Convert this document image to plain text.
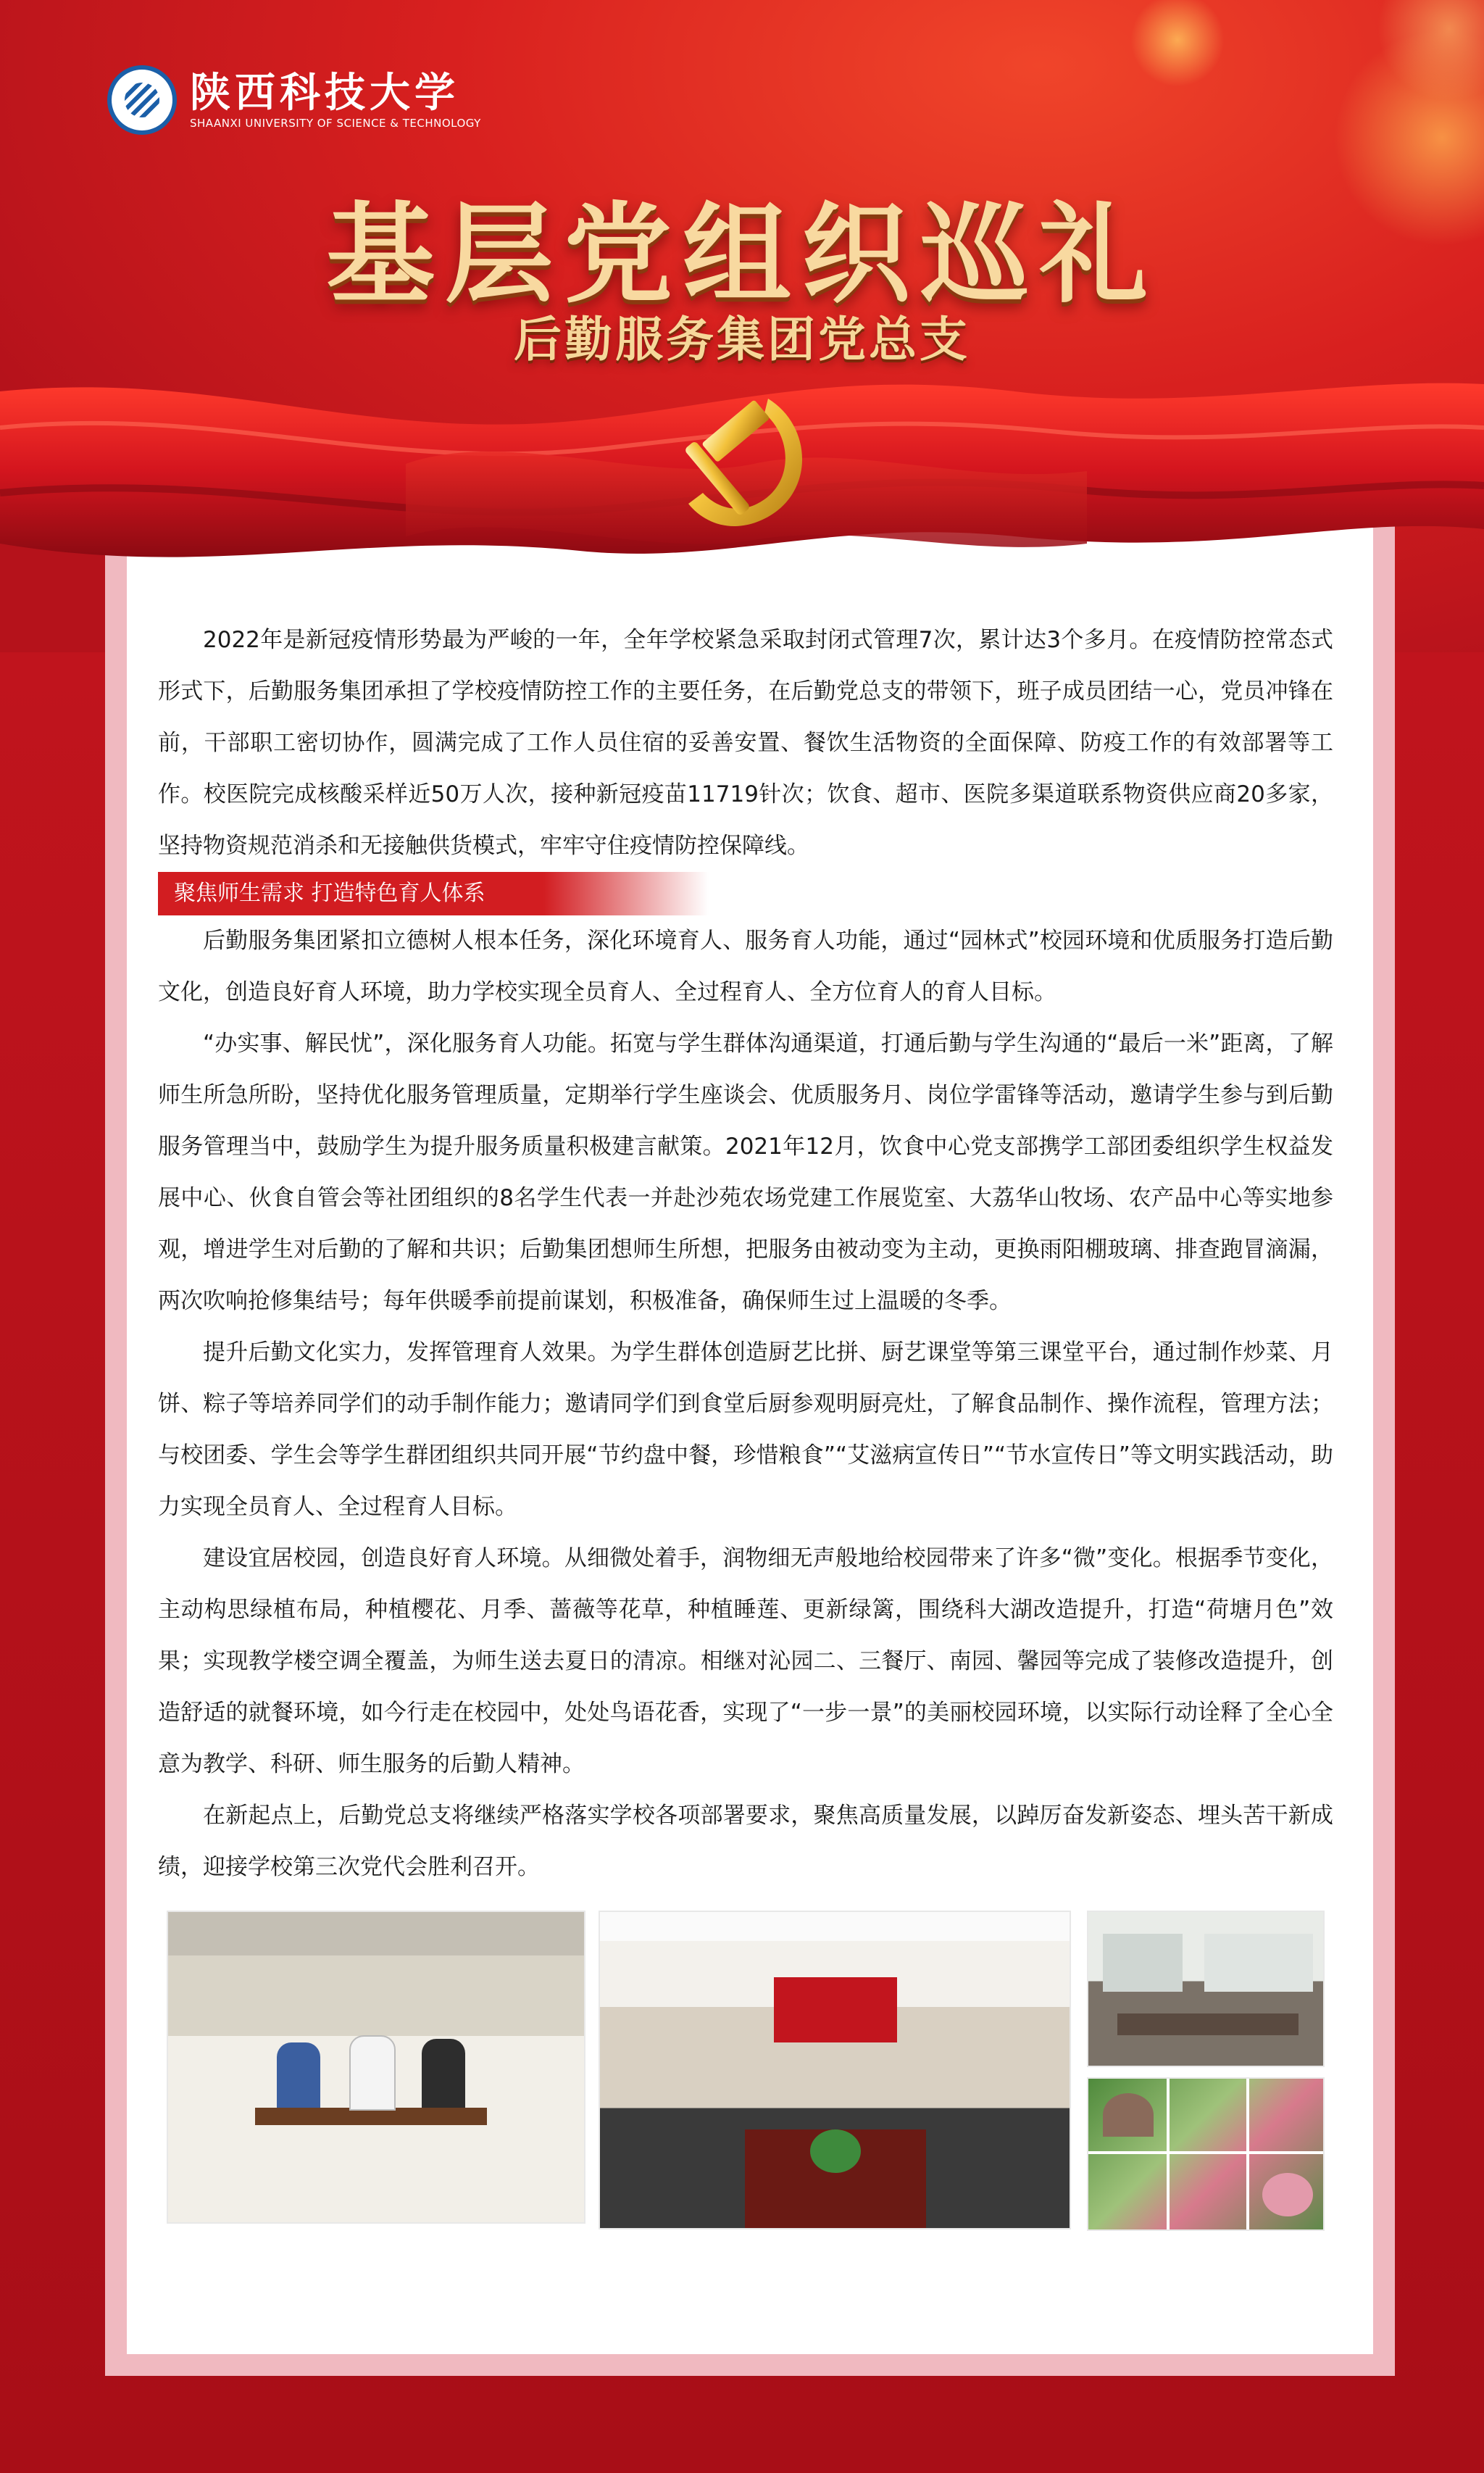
陕西科技大学
SHAANXI UNIVERSITY OF SCIENCE & TECHNOLOGY
基层党组织巡礼
后勤服务集团党总支

2022年是新冠疫情形势最为严峻的一年，全年学校紧急采取封闭式管理7次，累计达3个多月。在疫情防控常态式形式下，后勤服务集团承担了学校疫情防控工作的主要任务，在后勤党总支的带领下，班子成员团结一心，党员冲锋在前，干部职工密切协作，圆满完成了工作人员住宿的妥善安置、餐饮生活物资的全面保障、防疫工作的有效部署等工作。校医院完成核酸采样近50万人次，接种新冠疫苗11719针次；饮食、超市、医院多渠道联系物资供应商20多家，坚持物资规范消杀和无接触供货模式，牢牢守住疫情防控保障线。

聚焦师生需求 打造特色育人体系

后勤服务集团紧扣立德树人根本任务，深化环境育人、服务育人功能，通过“园林式”校园环境和优质服务打造后勤文化，创造良好育人环境，助力学校实现全员育人、全过程育人、全方位育人的育人目标。

“办实事、解民忧”，深化服务育人功能。拓宽与学生群体沟通渠道，打通后勤与学生沟通的“最后一米”距离，了解师生所急所盼，坚持优化服务管理质量，定期举行学生座谈会、优质服务月、岗位学雷锋等活动，邀请学生参与到后勤服务管理当中，鼓励学生为提升服务质量积极建言献策。2021年12月，饮食中心党支部携学工部团委组织学生权益发展中心、伙食自管会等社团组织的8名学生代表一并赴沙苑农场党建工作展览室、大荔华山牧场、农产品中心等实地参观，增进学生对后勤的了解和共识；后勤集团想师生所想，把服务由被动变为主动，更换雨阳棚玻璃、排查跑冒滴漏，两次吹响抢修集结号；每年供暖季前提前谋划，积极准备，确保师生过上温暖的冬季。

提升后勤文化实力，发挥管理育人效果。为学生群体创造厨艺比拼、厨艺课堂等第三课堂平台，通过制作炒菜、月饼、粽子等培养同学们的动手制作能力；邀请同学们到食堂后厨参观明厨亮灶，了解食品制作、操作流程，管理方法；与校团委、学生会等学生群团组织共同开展“节约盘中餐，珍惜粮食”“艾滋病宣传日”“节水宣传日”等文明实践活动，助力实现全员育人、全过程育人目标。

建设宜居校园，创造良好育人环境。从细微处着手，润物细无声般地给校园带来了许多“微”变化。根据季节变化，主动构思绿植布局，种植樱花、月季、蔷薇等花草，种植睡莲、更新绿篱，围绕科大湖改造提升，打造“荷塘月色”效果；实现教学楼空调全覆盖，为师生送去夏日的清凉。相继对沁园二、三餐厅、南园、馨园等完成了装修改造提升，创造舒适的就餐环境，如今行走在校园中，处处鸟语花香，实现了“一步一景”的美丽校园环境，以实际行动诠释了全心全意为教学、科研、师生服务的后勤人精神。

在新起点上，后勤党总支将继续严格落实学校各项部署要求，聚焦高质量发展，以踔厉奋发新姿态、埋头苦干新成绩，迎接学校第三次党代会胜利召开。
